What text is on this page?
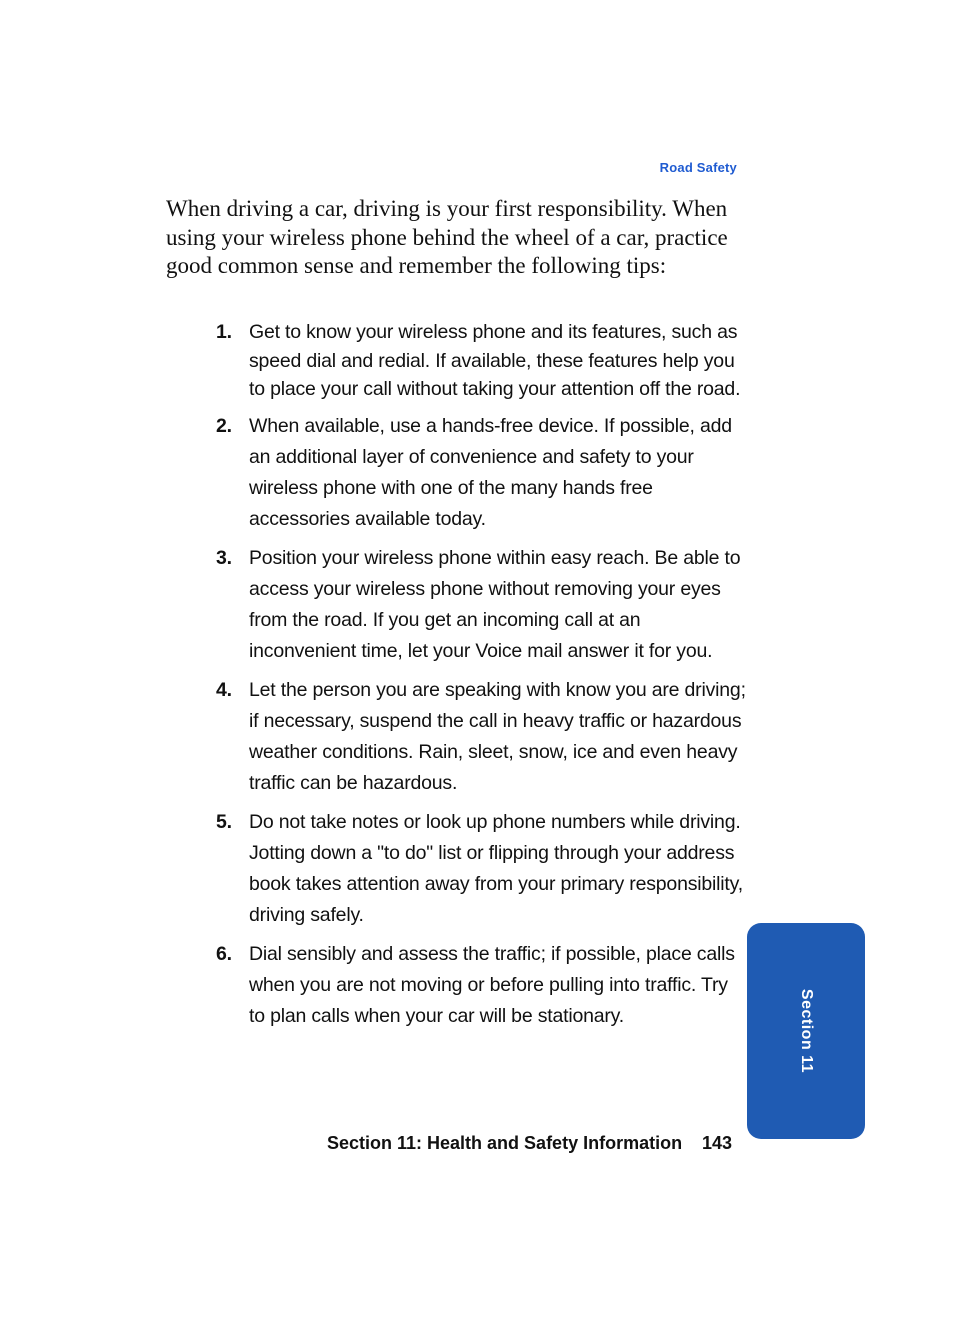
Road Safety

When driving a car, driving is your first responsibility. When using your wireless phone behind the wheel of a car, practice good common sense and remember the following tips:

1. Get to know your wireless phone and its features, such as speed dial and redial. If available, these features help you to place your call without taking your attention off the road.
2. When available, use a hands-free device. If possible, add an additional layer of convenience and safety to your wireless phone with one of the many hands free accessories available today.
3. Position your wireless phone within easy reach. Be able to access your wireless phone without removing your eyes from the road. If you get an incoming call at an inconvenient time, let your Voice mail answer it for you.
4. Let the person you are speaking with know you are driving; if necessary, suspend the call in heavy traffic or hazardous weather conditions. Rain, sleet, snow, ice and even heavy traffic can be hazardous.
5. Do not take notes or look up phone numbers while driving. Jotting down a "to do" list or flipping through your address book takes attention away from your primary responsibility, driving safely.
6. Dial sensibly and assess the traffic; if possible, place calls when you are not moving or before pulling into traffic. Try to plan calls when your car will be stationary.	Section 11
Section 11: Health and Safety Information 143
